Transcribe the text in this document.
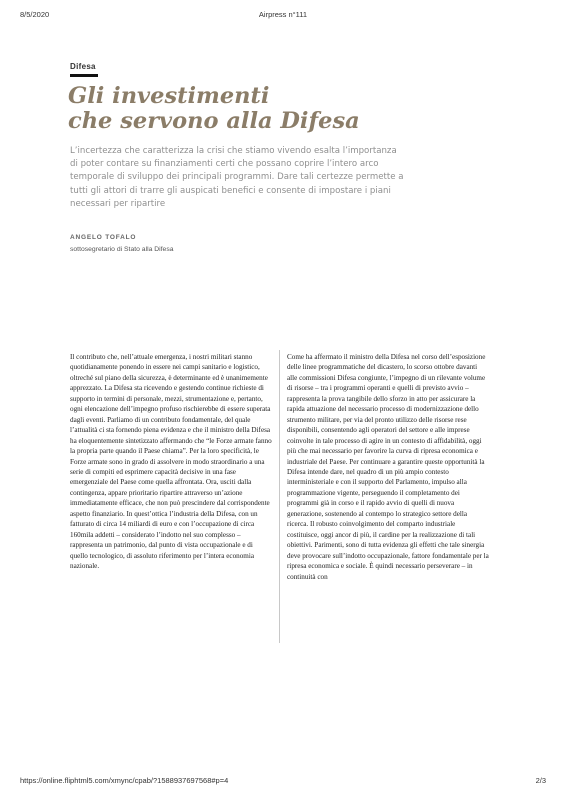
8/5/2020	Airpress n°111
Difesa
Gli investimenti
che servono alla Difesa

L’incertezza che caratterizza la crisi che stiamo vivendo esalta l’importanza di poter contare su finanziamenti certi che possano coprire l’intero arco temporale di sviluppo dei principali programmi. Dare tali certezze permette a tutti gli attori di trarre gli auspicati benefici e consente di impostare i piani necessari per ripartire

ANGELO TOFALO
sottosegretario di Stato alla Difesa

Il contributo che, nell’attuale emergenza, i nostri militari stanno quotidianamente ponendo in essere nei campi sanitario e logistico, oltreché sul piano della sicurezza, è determinante ed è unanimemente apprezzato. La Difesa sta ricevendo e gestendo continue richieste di supporto in termini di personale, mezzi, strumentazione e, pertanto, ogni elencazione dell’impegno profuso rischierebbe di essere superata dagli eventi. Parliamo di un contributo fondamentale, del quale l’attualità ci sta fornendo piena evidenza e che il ministro della Difesa ha eloquentemente sintetizzato affermando che “le Forze armate fanno la propria parte quando il Paese chiama”. Per la loro specificità, le Forze armate sono in grado di assolvere in modo straordinario a una serie di compiti ed esprimere capacità decisive in una fase emergenziale del Paese come quella affrontata. Ora, usciti dalla contingenza, appare prioritario ripartire attraverso un’azione immediatamente efficace, che non può prescindere dal corrispondente aspetto finanziario. In quest’ottica l’industria della Difesa, con un fatturato di circa 14 miliardi di euro e con l’occupazione di circa 160mila addetti – considerato l’indotto nel suo complesso – rappresenta un patrimonio, dal punto di vista occupazionale e di quello tecnologico, di assoluto riferimento per l’intera economia nazionale.

Come ha affermato il ministro della Difesa nel corso dell’esposizione delle linee programmatiche del dicastero, lo scorso ottobre davanti alle commissioni Difesa congiunte, l’impegno di un rilevante volume di risorse – tra i programmi operanti e quelli di previsto avvio – rappresenta la prova tangibile dello sforzo in atto per assicurare la rapida attuazione del necessario processo di modernizzazione dello strumento militare, per via del pronto utilizzo delle risorse rese disponibili, consentendo agli operatori del settore e alle imprese coinvolte in tale processo di agire in un contesto di affidabilità, oggi più che mai necessario per favorire la curva di ripresa economica e industriale del Paese. Per continuare a garantire queste opportunità la Difesa intende dare, nel quadro di un più ampio contesto interministeriale e con il supporto del Parlamento, impulso alla programmazione vigente, perseguendo il completamento dei programmi già in corso e il rapido avvio di quelli di nuova generazione, sostenendo al contempo lo strategico settore della ricerca. Il robusto coinvolgimento del comparto industriale costituisce, oggi ancor di più, il cardine per la realizzazione di tali obiettivi. Parimenti, sono di tutta evidenza gli effetti che tale sinergia deve provocare sull’indotto occupazionale, fattore fondamentale per la ripresa economica e sociale. È quindi necessario perseverare – in continuità con

https://online.fliphtml5.com/xmync/cpab/?1588937697568#p=4	2/3
